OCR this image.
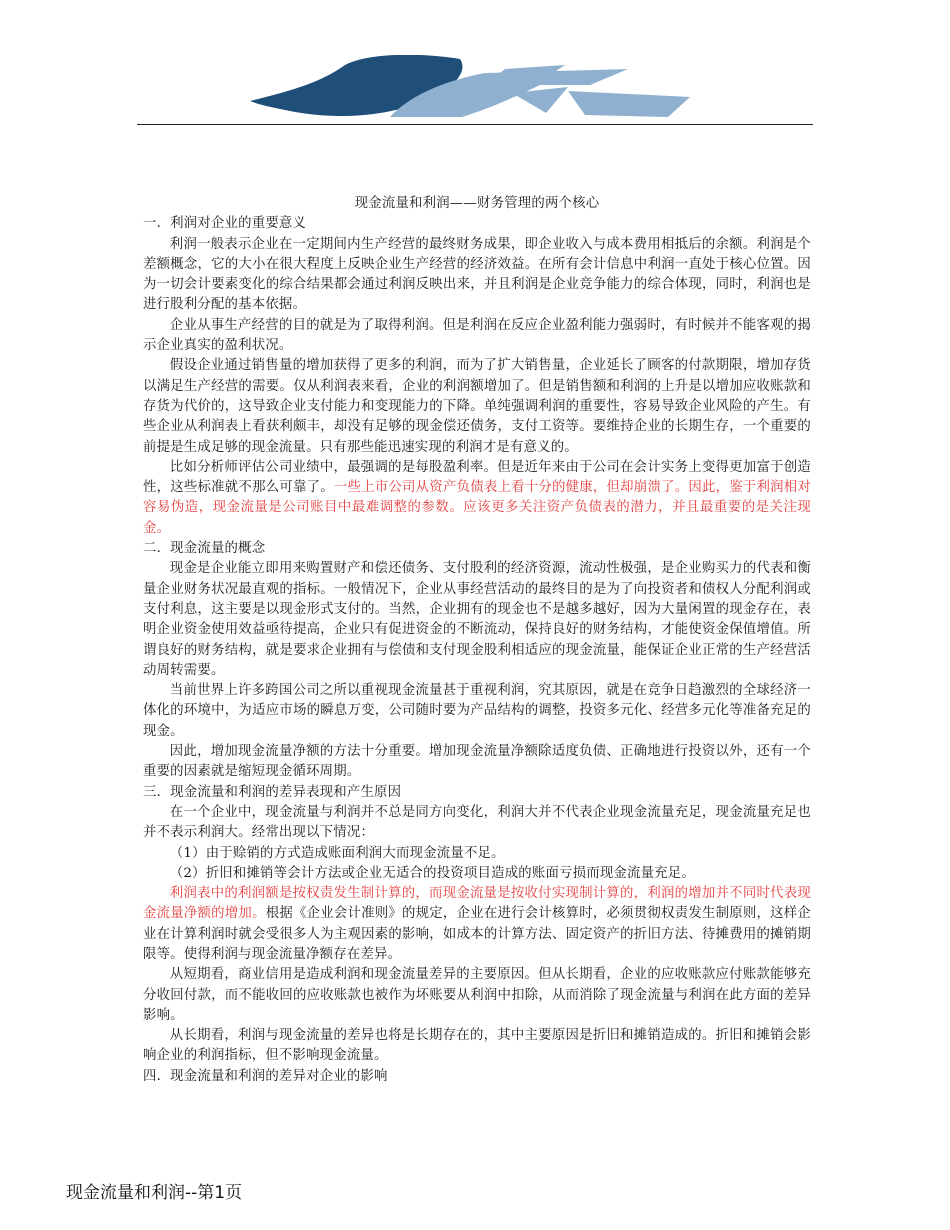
现金流量和利润——财务管理的两个核心

一．利润对企业的重要意义

利润一般表示企业在一定期间内生产经营的最终财务成果，即企业收入与成本费用相抵后的余额。利润是个差额概念，它的大小在很大程度上反映企业生产经营的经济效益。在所有会计信息中利润一直处于核心位置。因为一切会计要素变化的综合结果都会通过利润反映出来，并且利润是企业竞争能力的综合体现，同时，利润也是进行股利分配的基本依据。

企业从事生产经营的目的就是为了取得利润。但是利润在反应企业盈利能力强弱时，有时候并不能客观的揭示企业真实的盈利状况。

假设企业通过销售量的增加获得了更多的利润，而为了扩大销售量，企业延长了顾客的付款期限，增加存货以满足生产经营的需要。仅从利润表来看，企业的利润额增加了。但是销售额和利润的上升是以增加应收账款和存货为代价的，这导致企业支付能力和变现能力的下降。单纯强调利润的重要性，容易导致企业风险的产生。有些企业从利润表上看获利颇丰，却没有足够的现金偿还债务，支付工资等。要维持企业的长期生存，一个重要的前提是生成足够的现金流量。只有那些能迅速实现的利润才是有意义的。

比如分析师评估公司业绩中，最强调的是每股盈利率。但是近年来由于公司在会计实务上变得更加富于创造性，这些标准就不那么可靠了。一些上市公司从资产负债表上看十分的健康，但却崩溃了。因此，鉴于利润相对容易伪造，现金流量是公司账目中最难调整的参数。应该更多关注资产负债表的潜力，并且最重要的是关注现金。

二．现金流量的概念

现金是企业能立即用来购置财产和偿还债务、支付股利的经济资源，流动性极强，是企业购买力的代表和衡量企业财务状况最直观的指标。一般情况下，企业从事经营活动的最终目的是为了向投资者和债权人分配利润或支付利息，这主要是以现金形式支付的。当然，企业拥有的现金也不是越多越好，因为大量闲置的现金存在，表明企业资金使用效益亟待提高，企业只有促进资金的不断流动，保持良好的财务结构，才能使资金保值增值。所谓良好的财务结构，就是要求企业拥有与偿债和支付现金股利相适应的现金流量，能保证企业正常的生产经营活动周转需要。

当前世界上许多跨国公司之所以重视现金流量甚于重视利润，究其原因，就是在竞争日趋激烈的全球经济一体化的环境中，为适应市场的瞬息万变，公司随时要为产品结构的调整，投资多元化、经营多元化等准备充足的现金。

因此，增加现金流量净额的方法十分重要。增加现金流量净额除适度负债、正确地进行投资以外，还有一个重要的因素就是缩短现金循环周期。

三．现金流量和利润的差异表现和产生原因

在一个企业中，现金流量与利润并不总是同方向变化，利润大并不代表企业现金流量充足，现金流量充足也并不表示利润大。经常出现以下情况：

（1）由于赊销的方式造成账面利润大而现金流量不足。

（2）折旧和摊销等会计方法或企业无适合的投资项目造成的账面亏损而现金流量充足。

利润表中的利润额是按权责发生制计算的，而现金流量是按收付实现制计算的，利润的增加并不同时代表现金流量净额的增加。根据《企业会计准则》的规定，企业在进行会计核算时，必须贯彻权责发生制原则，这样企业在计算利润时就会受很多人为主观因素的影响，如成本的计算方法、固定资产的折旧方法、待摊费用的摊销期限等。使得利润与现金流量净额存在差异。

从短期看，商业信用是造成利润和现金流量差异的主要原因。但从长期看，企业的应收账款应付账款能够充分收回付款，而不能收回的应收账款也被作为坏账要从利润中扣除，从而消除了现金流量与利润在此方面的差异影响。

从长期看，利润与现金流量的差异也将是长期存在的，其中主要原因是折旧和摊销造成的。折旧和摊销会影响企业的利润指标，但不影响现金流量。

四．现金流量和利润的差异对企业的影响

现金流量和利润--第1页
